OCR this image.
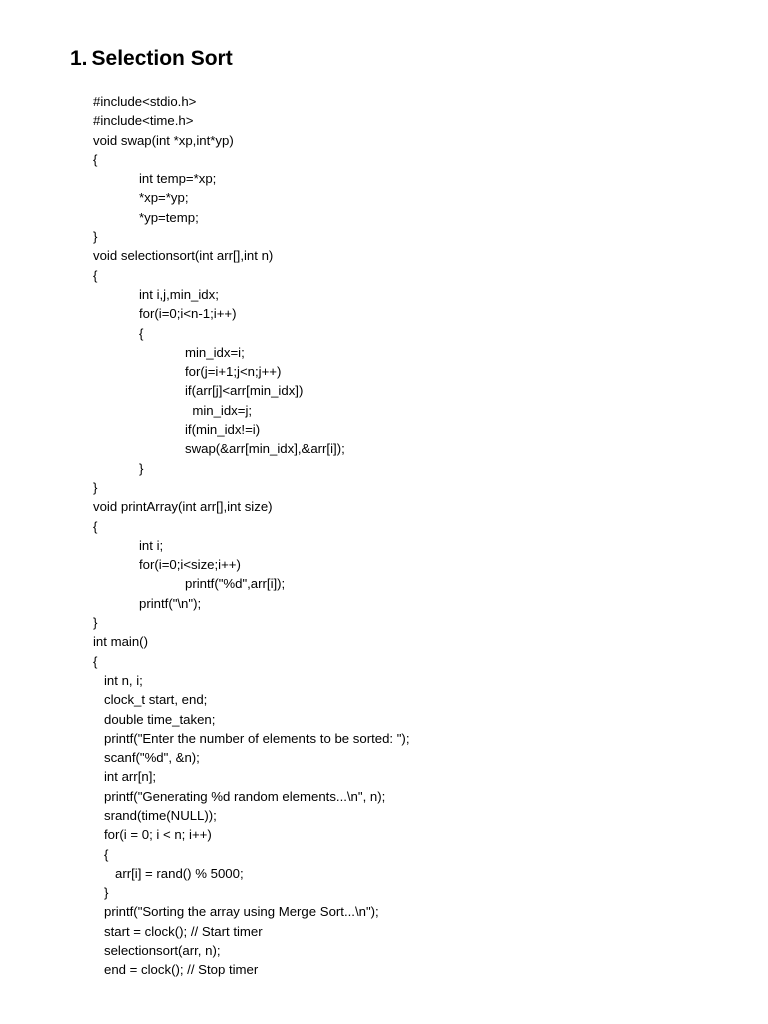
1. Selection Sort
#include<stdio.h>
#include<time.h>
void swap(int *xp,int*yp)
{
int temp=*xp;
*xp=*yp;
*yp=temp;
}
void selectionsort(int arr[],int n)
{
int i,j,min_idx;
for(i=0;i<n-1;i++)
{
min_idx=i;
for(j=i+1;j<n;j++)
if(arr[j]<arr[min_idx])
min_idx=j;
if(min_idx!=i)
swap(&arr[min_idx],&arr[i]);
}
}
void printArray(int arr[],int size)
{
int i;
for(i=0;i<size;i++)
printf("%d",arr[i]);
printf("\n");
}
int main()
{
int n, i;
clock_t start, end;
double time_taken;
printf("Enter the number of elements to be sorted: ");
scanf("%d", &n);
int arr[n];
printf("Generating %d random elements...\n", n);
srand(time(NULL));
for(i = 0; i < n; i++)
{
arr[i] = rand() % 5000;
}
printf("Sorting the array using Merge Sort...\n");
start = clock(); // Start timer
selectionsort(arr, n);
end = clock(); // Stop timer
